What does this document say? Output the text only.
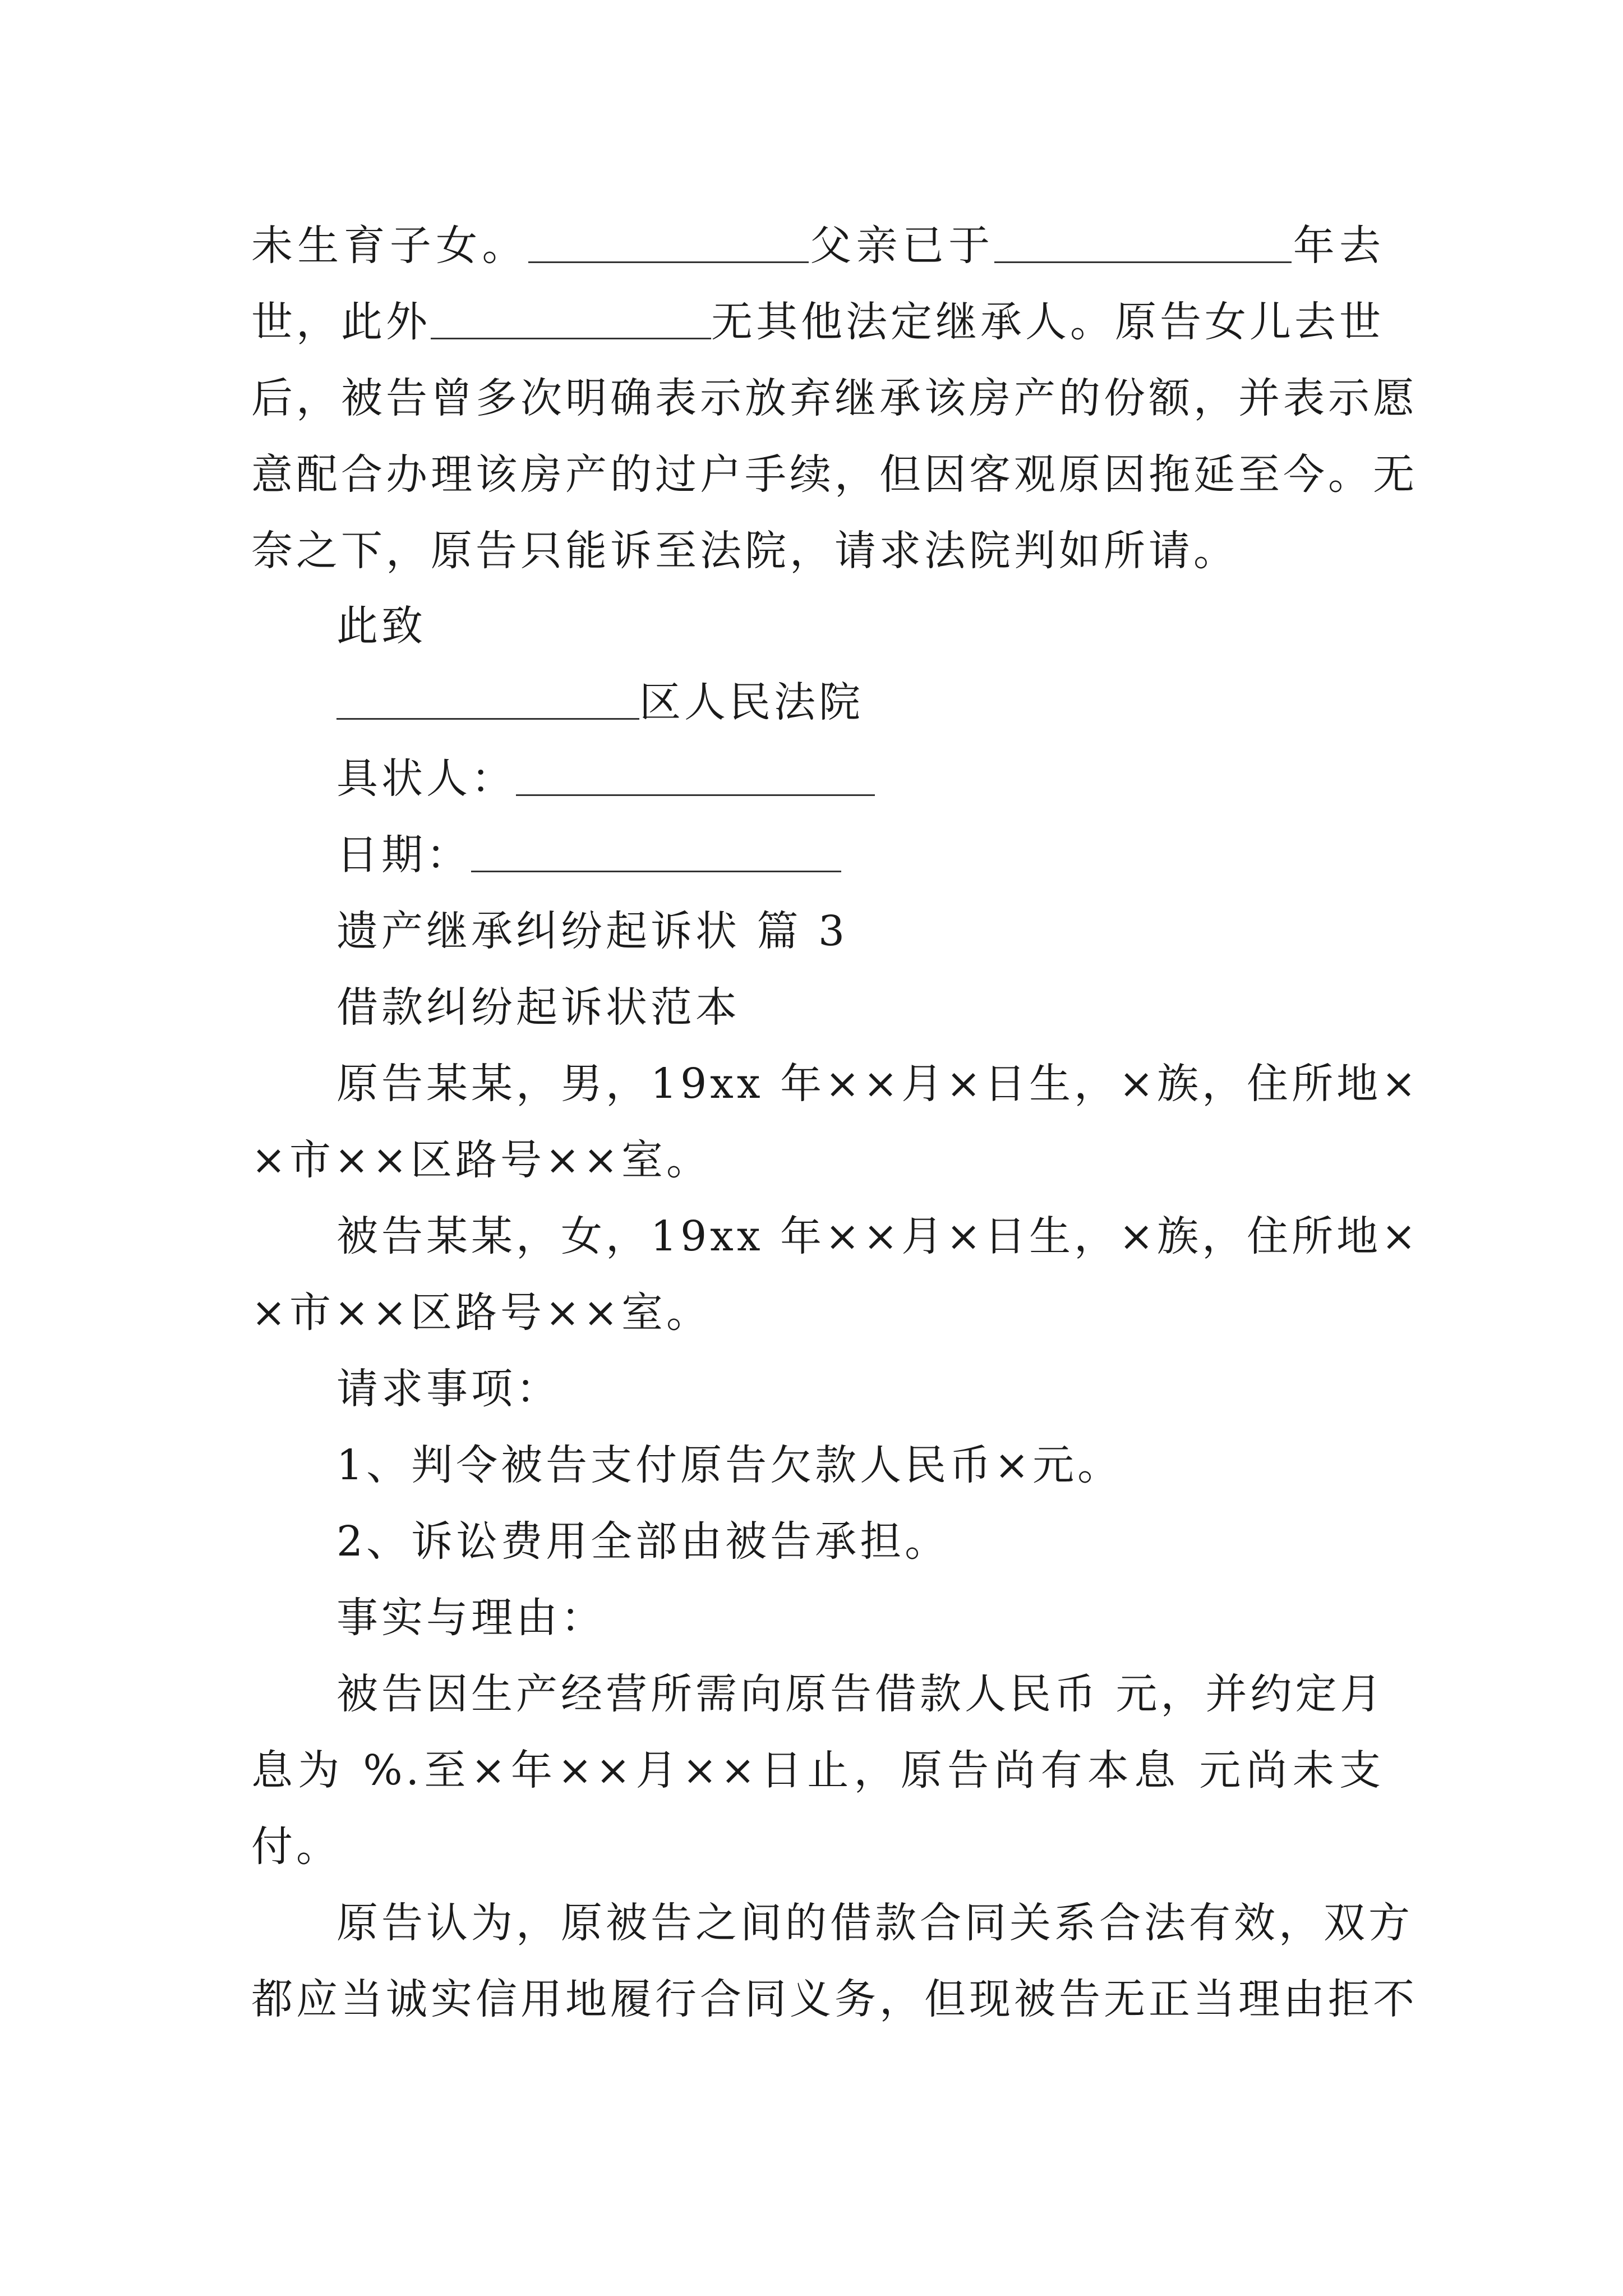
未生育子女。	父亲已于	年去
世，此外	无其他法定继承人。原告女儿去世
后，被告曾多次明确表示放弃继承该房产的份额，并表示愿
意配合办理该房产的过户手续，但因客观原因拖延至今。无
奈之下，原告只能诉至法院，请求法院判如所请。
此致
区人民法院
具状人：
日期：
遗产继承纠纷起诉状 篇 3
借款纠纷起诉状范本
原告某某，男，19xx 年××月×日生，×族，住所地×
×市××区路号××室。
被告某某，女，19xx 年××月×日生，×族，住所地×
×市××区路号××室。
请求事项：
1、判令被告支付原告欠款人民币×元。
2、诉讼费用全部由被告承担。
事实与理由：
被告因生产经营所需向原告借款人民币 元，并约定月
息为 %.至×年××月××日止，原告尚有本息 元尚未支
付。
原告认为，原被告之间的借款合同关系合法有效，双方
都应当诚实信用地履行合同义务，但现被告无正当理由拒不
